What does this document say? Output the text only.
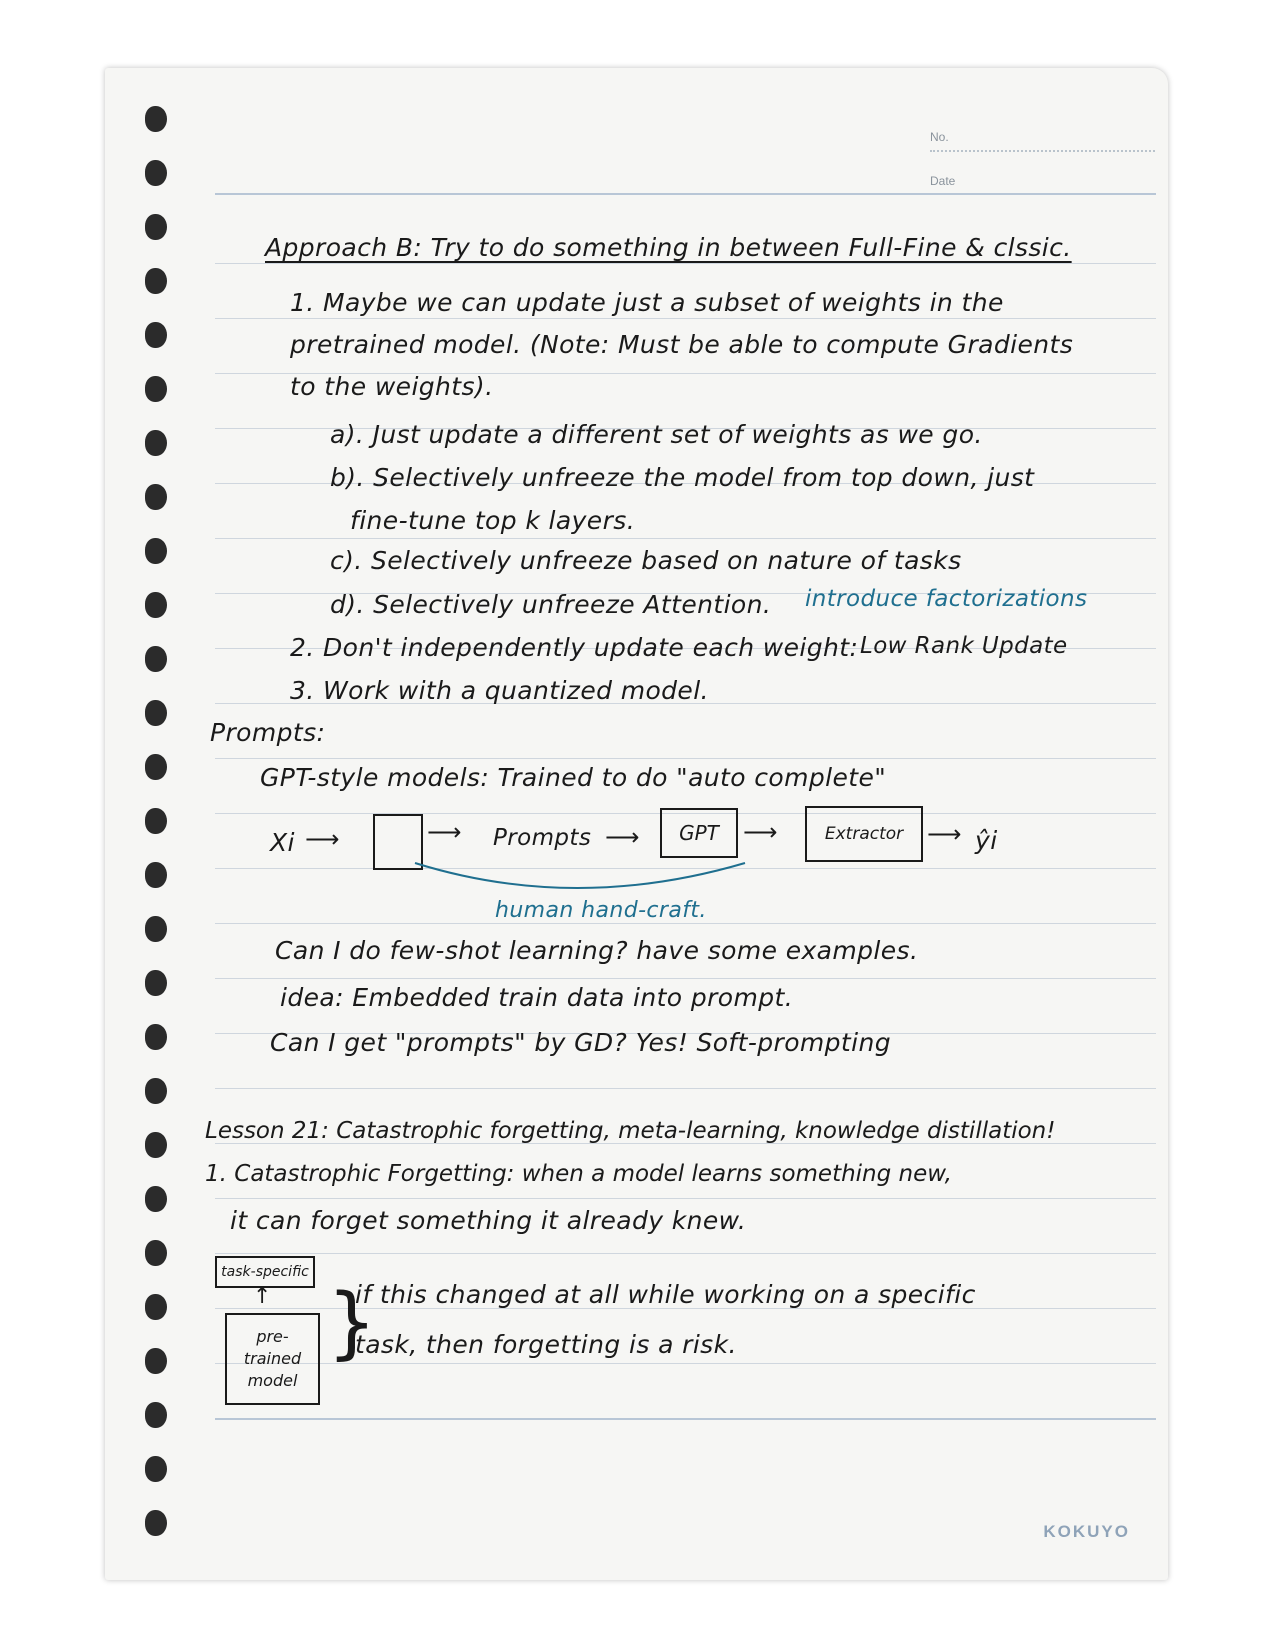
No.
Date
Approach B: Try to do something in between Full-Fine & clssic.
1. Maybe we can update just a subset of weights in the
pretrained model. (Note: Must be able to compute Gradients
to the weights).
a). Just update a different set of weights as we go.
b). Selectively unfreeze the model from top down, just
fine-tune top k layers.
c). Selectively unfreeze based on nature of tasks
d). Selectively unfreeze Attention. introduce factorizations
2. Don't independently update each weight: Low Rank Update
3. Work with a quantized model.
Prompts:
GPT-style models: Trained to do "auto complete"
Xi ⟶	⟶ Prompts ⟶	GPT	⟶	Extractor ⟶ ŷi
human hand-craft.
Can I do few-shot learning? have some examples.
idea: Embedded train data into prompt.
Can I get "prompts" by GD? Yes! Soft-prompting
Lesson 21: Catastrophic forgetting, meta-learning, knowledge distillation!
1. Catastrophic Forgetting: when a model learns something new,
it can forget something it already knew.
task-specific
↑
pre-trained model
}
if this changed at all while working on a specific
task, then forgetting is a risk.
KOKUYO
